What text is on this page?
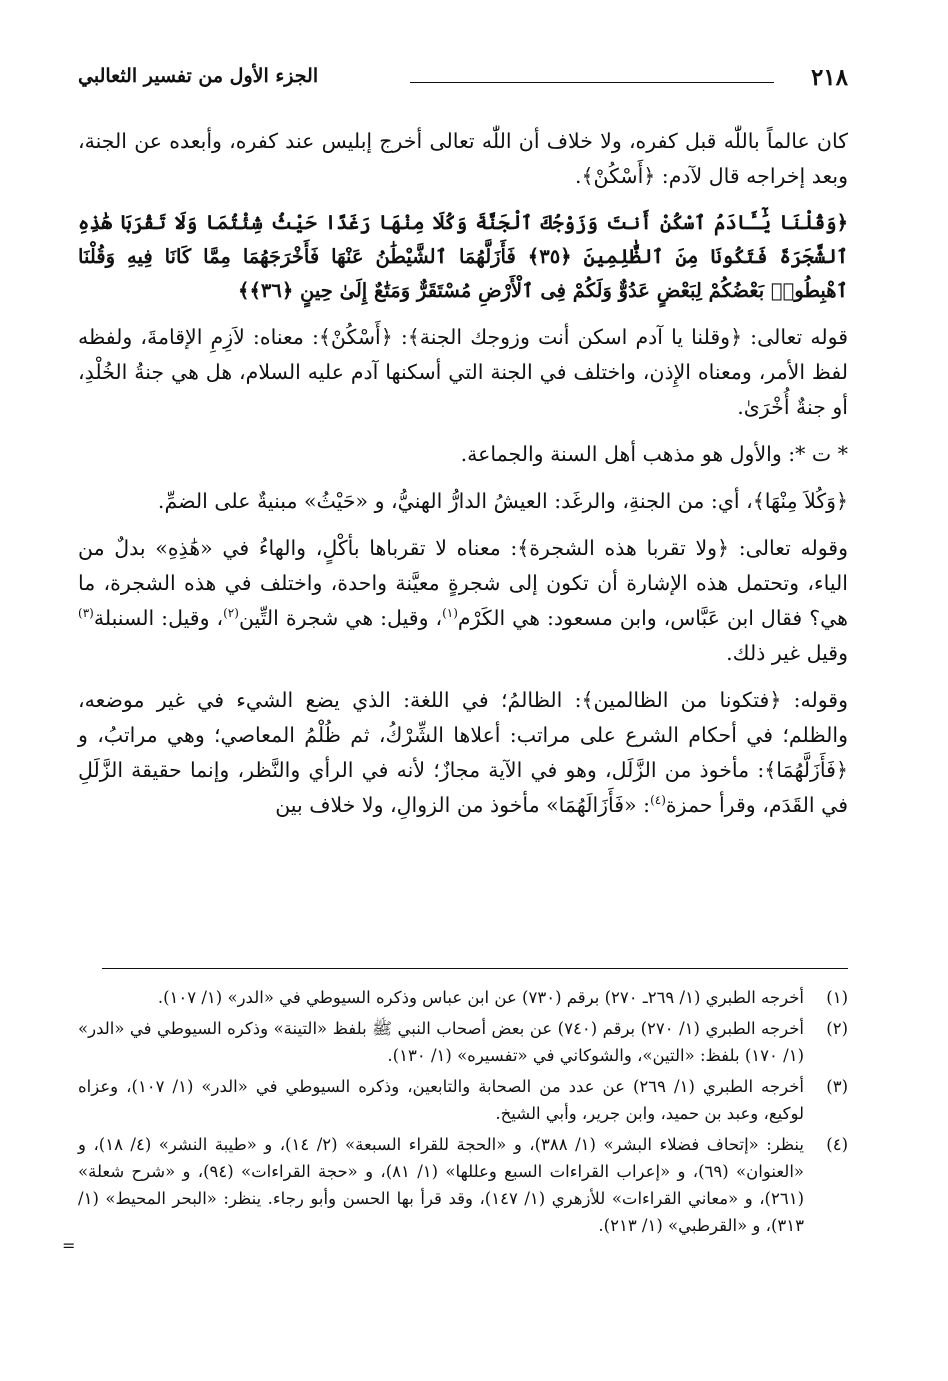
٢١٨
الجزء الأول من تفسير الثعالبي

كان عالماً باللّٰه قبل كفره، ولا خلاف أن اللّٰه تعالى أخرج إبليس عند كفره، وأبعده عن الجنة، وبعد إخراجه قال لآدم: ﴿أَسْكُنْ﴾.

﴿وَقُلْنَا يَٰٓـَٔادَمُ ٱسْكُنْ أَنتَ وَزَوْجُكَ ٱلْجَنَّةَ وَكُلَا مِنْهَا رَغَدًا حَيْثُ شِئْتُمَا وَلَا تَقْرَبَا هَٰذِهِ ٱلشَّجَرَةَ فَتَكُونَا مِنَ ٱلظَّٰلِمِينَ ﴿٣٥﴾ فَأَزَلَّهُمَا ٱلشَّيْطَٰنُ عَنْهَا فَأَخْرَجَهُمَا مِمَّا كَانَا فِيهِ وَقُلْنَا ٱهْبِطُوا۟ بَعْضُكُمْ لِبَعْضٍ عَدُوٌّ وَلَكُمْ فِى ٱلْأَرْضِ مُسْتَقَرٌّ وَمَتَٰعٌ إِلَىٰ حِينٍ ﴿٣٦﴾﴾

قوله تعالى: ﴿وقلنا يا آدم اسكن أنت وزوجك الجنة﴾: ﴿أَسْكُنْ﴾: معناه: لاَزِمِ الإقامةَ، ولفظه لفظ الأمر، ومعناه الإِذن، واختلف في الجنة التي أسكنها آدم عليه السلام، هل هي جنةُ الخُلْدِ، أو جنةٌ أُخْرَىٰ.

* ت *: والأول هو مذهب أهل السنة والجماعة.

﴿وَكُلاَ مِنْهَا﴾، أي: من الجنةِ، والرغَد: العيشُ الدارُّ الهنيُّ، و «حَيْثُ» مبنيةٌ على الضمِّ.

وقوله تعالى: ﴿ولا تقربا هذه الشجرة﴾: معناه لا تقرباها بأكْلٍ، والهاءُ في «هَٰذِهِ» بدلٌ من الياء، وتحتمل هذه الإشارة أن تكون إلى شجرةٍ معيَّنة واحدة، واختلف في هذه الشجرة، ما هي؟ فقال ابن عَبَّاس، وابن مسعود: هي الكَرْم$^{(١)}$، وقيل: هي شجرة التِّين$^{(٢)}$، وقيل: السنبلة$^{(٣)}$ وقيل غير ذلك.

وقوله: ﴿فتكونا من الظالمين﴾: الظالمُ؛ في اللغة: الذي يضع الشيء في غير موضعه، والظلم؛ في أحكام الشرع على مراتب: أعلاها الشِّرْكُ، ثم ظُلْمُ المعاصي؛ وهي مراتبُ، و ﴿فَأَزَلَّهُمَا﴾: مأخوذ من الزَّلَل، وهو في الآية مجازٌ؛ لأنه في الرأي والنَّظر، وإنما حقيقة الزَّلَلِ في القَدَم، وقرأ حمزة$^{(٤)}$: «فَأَزَالَهُمَا» مأخوذ من الزوالِ، ولا خلاف بين

(١)
أخرجه الطبري (١/ ٢٦٩ـ ٢٧٠) برقم (٧٣٠) عن ابن عباس وذكره السيوطي في «الدر» (١/ ١٠٧).
(٢)
أخرجه الطبري (١/ ٢٧٠) برقم (٧٤٠) عن بعض أصحاب النبي ﷺ بلفظ «التينة» وذكره السيوطي في «الدر» (١/ ١٧٠) بلفظ: «التين»، والشوكاني في «تفسيره» (١/ ١٣٠).
(٣)
أخرجه الطبري (١/ ٢٦٩) عن عدد من الصحابة والتابعين، وذكره السيوطي في «الدر» (١/ ١٠٧)، وعزاه لوكيع، وعبد بن حميد، وابن جرير، وأبي الشيخ.
(٤)
ينظر: «إتحاف فضلاء البشر» (١/ ٣٨٨)، و «الحجة للقراء السبعة» (٢/ ١٤)، و «طيبة النشر» (٤/ ١٨)، و «العنوان» (٦٩)، و «إعراب القراءات السبع وعللها» (١/ ٨١)، و «حجة القراءات» (٩٤)، و «شرح شعلة» (٢٦١)، و «معاني القراءات» للأزهري (١/ ١٤٧)، وقد قرأ بها الحسن وأبو رجاء. ينظر: «البحر المحيط» (١/ ٣١٣)، و «القرطبي» (١/ ٢١٣).
=
